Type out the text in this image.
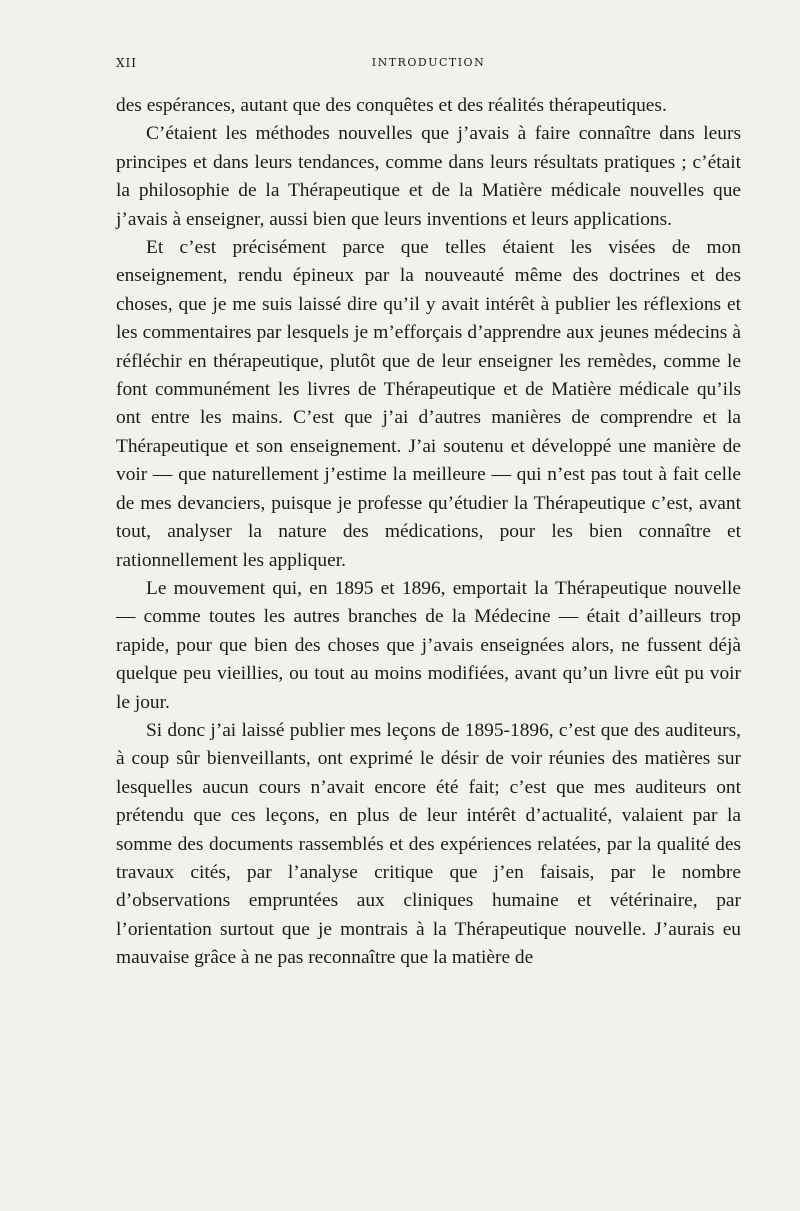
XII	INTRODUCTION

des espérances, autant que des conquêtes et des réalités thérapeutiques.

C’étaient les méthodes nouvelles que j’avais à faire connaître dans leurs principes et dans leurs tendances, comme dans leurs résultats pratiques ; c’était la philosophie de la Thérapeutique et de la Matière médicale nouvelles que j’avais à enseigner, aussi bien que leurs inventions et leurs applications.

Et c’est précisément parce que telles étaient les visées de mon enseignement, rendu épineux par la nouveauté même des doctrines et des choses, que je me suis laissé dire qu’il y avait intérêt à publier les réflexions et les commentaires par lesquels je m’efforçais d’apprendre aux jeunes médecins à réfléchir en thérapeutique, plutôt que de leur enseigner les remèdes, comme le font communément les livres de Thérapeutique et de Matière médicale qu’ils ont entre les mains. C’est que j’ai d’autres manières de comprendre et la Thérapeutique et son enseignement. J’ai soutenu et développé une manière de voir — que naturellement j’estime la meilleure — qui n’est pas tout à fait celle de mes devanciers, puisque je professe qu’étudier la Thérapeutique c’est, avant tout, analyser la nature des médications, pour les bien connaître et rationnellement les appliquer.

Le mouvement qui, en 1895 et 1896, emportait la Thérapeutique nouvelle — comme toutes les autres branches de la Médecine — était d’ailleurs trop rapide, pour que bien des choses que j’avais enseignées alors, ne fussent déjà quelque peu vieillies, ou tout au moins modifiées, avant qu’un livre eût pu voir le jour.

Si donc j’ai laissé publier mes leçons de 1895-1896, c’est que des auditeurs, à coup sûr bienveillants, ont exprimé le désir de voir réunies des matières sur lesquelles aucun cours n’avait encore été fait; c’est que mes auditeurs ont prétendu que ces leçons, en plus de leur intérêt d’actualité, valaient par la somme des documents rassemblés et des expériences relatées, par la qualité des travaux cités, par l’analyse critique que j’en faisais, par le nombre d’observations empruntées aux cliniques humaine et vétérinaire, par l’orientation surtout que je montrais à la Thérapeutique nouvelle. J’aurais eu mauvaise grâce à ne pas reconnaître que la matière de
